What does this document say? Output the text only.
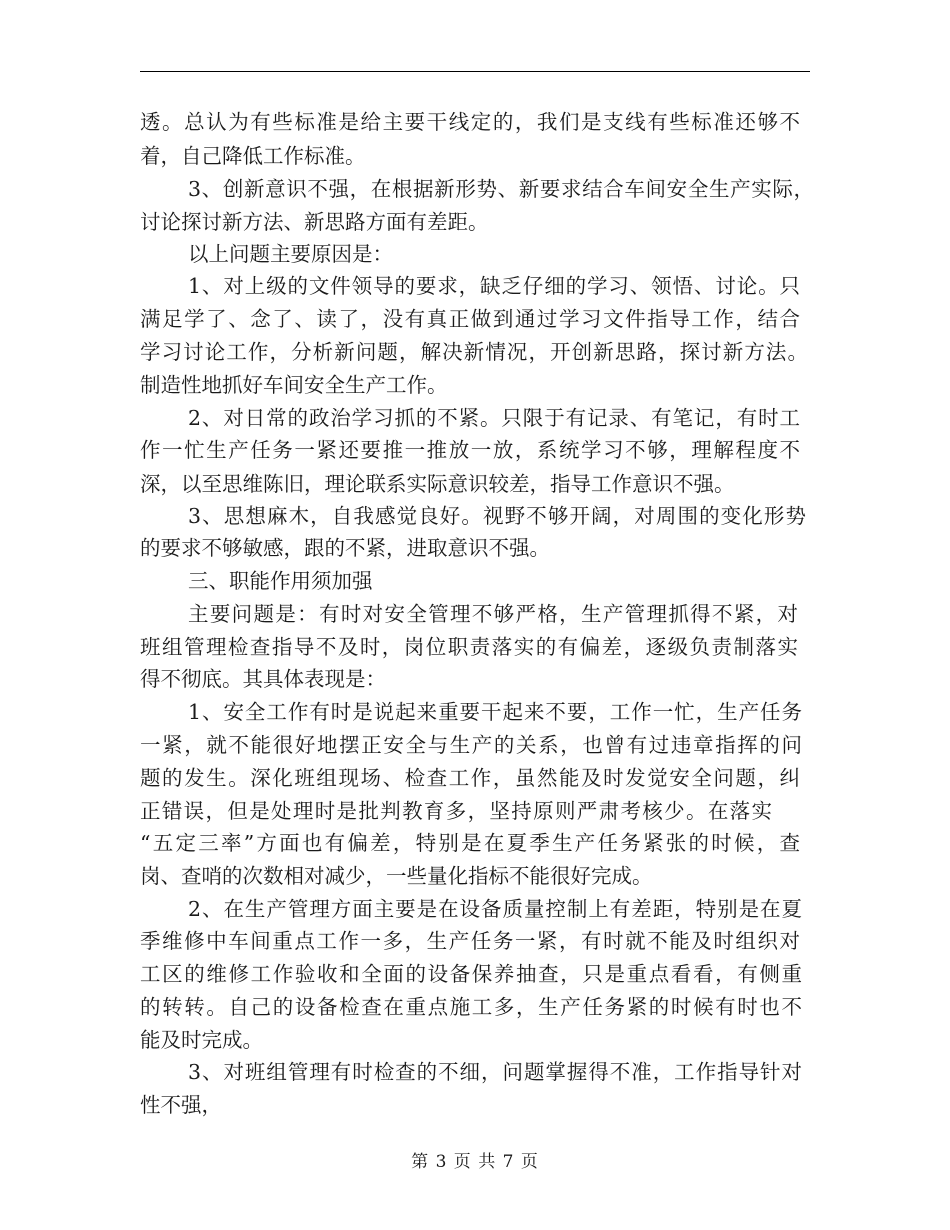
透。总认为有些标准是给主要干线定的，我们是支线有些标准还够不
着，自己降低工作标准。
3、创新意识不强，在根据新形势、新要求结合车间安全生产实际，
讨论探讨新方法、新思路方面有差距。
以上问题主要原因是：
1、对上级的文件领导的要求，缺乏仔细的学习、领悟、讨论。只
满足学了、念了、读了，没有真正做到通过学习文件指导工作，结合
学习讨论工作，分析新问题，解决新情况，开创新思路，探讨新方法。
制造性地抓好车间安全生产工作。
2、对日常的政治学习抓的不紧。只限于有记录、有笔记，有时工
作一忙生产任务一紧还要推一推放一放，系统学习不够，理解程度不
深，以至思维陈旧，理论联系实际意识较差，指导工作意识不强。
3、思想麻木，自我感觉良好。视野不够开阔，对周围的变化形势
的要求不够敏感，跟的不紧，进取意识不强。
三、职能作用须加强
主要问题是：有时对安全管理不够严格，生产管理抓得不紧，对
班组管理检查指导不及时，岗位职责落实的有偏差，逐级负责制落实
得不彻底。其具体表现是：
1、安全工作有时是说起来重要干起来不要，工作一忙，生产任务
一紧，就不能很好地摆正安全与生产的关系，也曾有过违章指挥的问
题的发生。深化班组现场、检查工作，虽然能及时发觉安全问题，纠
正错误，但是处理时是批判教育多，坚持原则严肃考核少。在落实
“五定三率”方面也有偏差，特别是在夏季生产任务紧张的时候，查
岗、查哨的次数相对减少，一些量化指标不能很好完成。
2、在生产管理方面主要是在设备质量控制上有差距，特别是在夏
季维修中车间重点工作一多，生产任务一紧，有时就不能及时组织对
工区的维修工作验收和全面的设备保养抽查，只是重点看看，有侧重
的转转。自己的设备检查在重点施工多，生产任务紧的时候有时也不
能及时完成。
3、对班组管理有时检查的不细，问题掌握得不准，工作指导针对
性不强，
第 3 页 共 7 页
